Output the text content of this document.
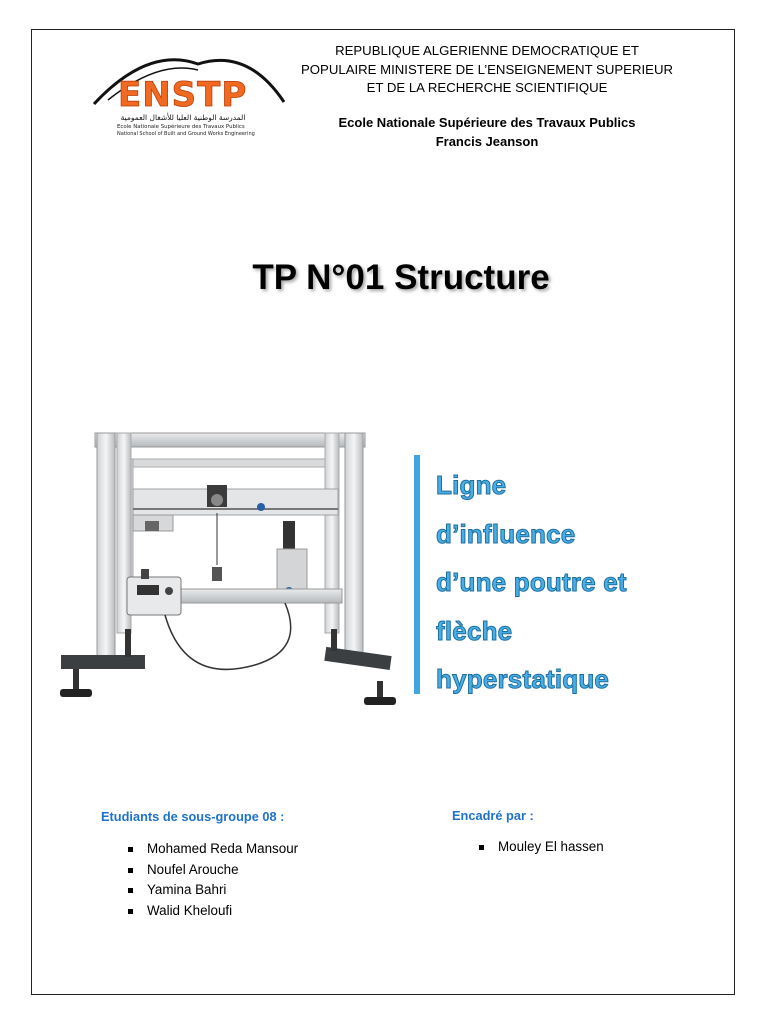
ENSTP
المدرسة الوطنية العليا للأشغال العمومية
Ecole Nationale Supérieure des Travaux Publics
National School of Built and Ground Works Engineering
REPUBLIQUE ALGERIENNE DEMOCRATIQUE ET
POPULAIRE MINISTERE DE L’ENSEIGNEMENT SUPERIEUR
ET DE LA RECHERCHE SCIENTIFIQUE
Ecole Nationale Supérieure des Travaux Publics
Francis Jeanson
TP N°01 Structure
Ligne
d’influence
d’une poutre et
flèche
hyperstatique
Etudiants de sous-groupe 08 :
Mohamed Reda Mansour
Noufel Arouche
Yamina Bahri
Walid Kheloufi
Encadré par :
Mouley El hassen
